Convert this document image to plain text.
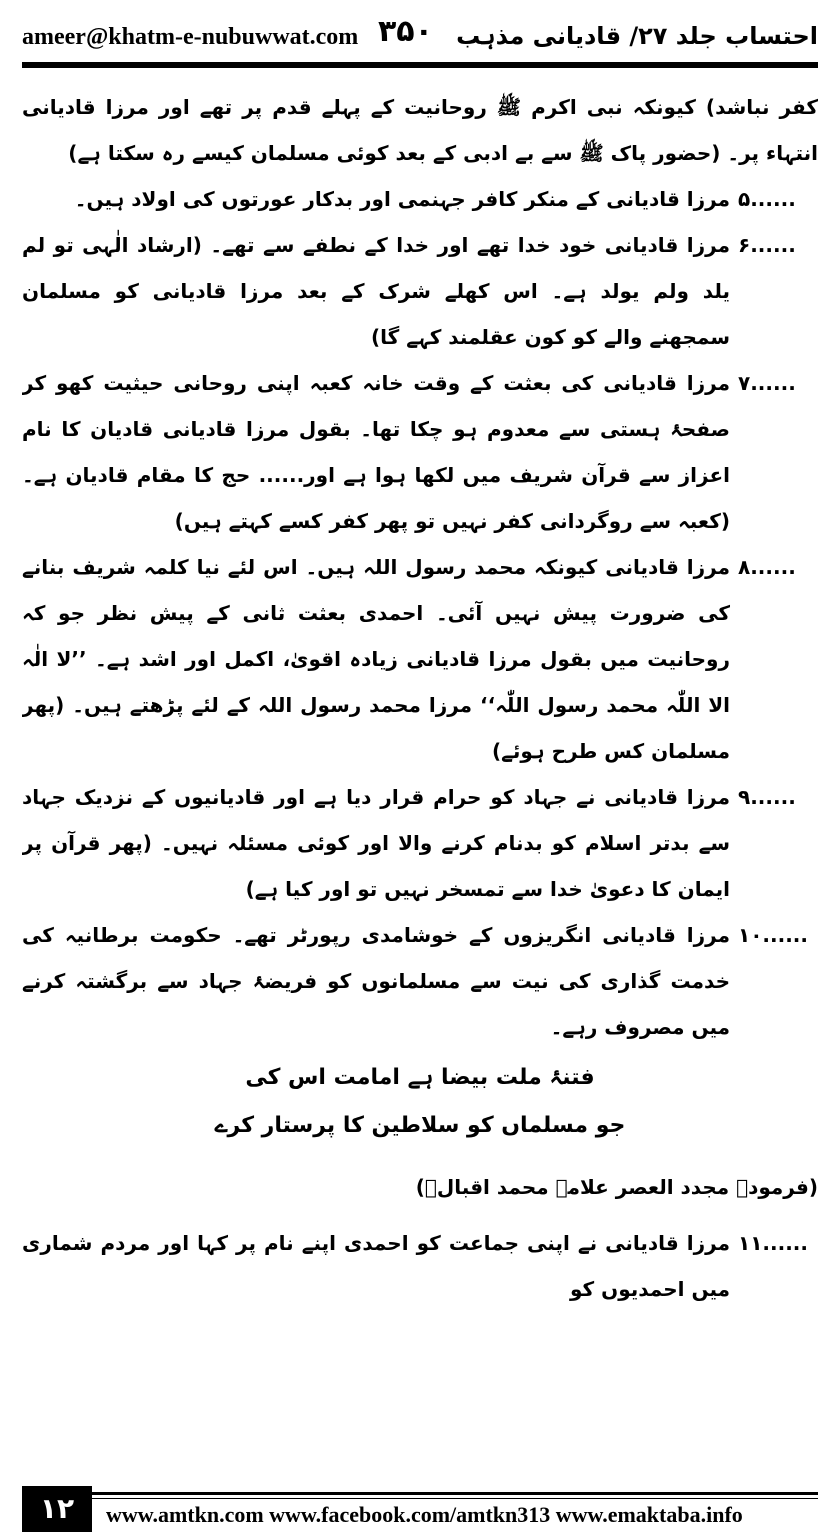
ameer@khatm-e-nubuwwat.com ۳۵۰ احتساب جلد ۲۷/ قادیانی مذہب
کفر نباشد) کیونکہ نبی اکرم ﷺ روحانیت کے پہلے قدم پر تھے اور مرزا قادیانی انتہاء پر۔ (حضور پاک ﷺ سے بے ادبی کے بعد کوئی مسلمان کیسے رہ سکتا ہے)
۵......
مرزا قادیانی کے منکر کافر جہنمی اور بدکار عورتوں کی اولاد ہیں۔
۶......
مرزا قادیانی خود خدا تھے اور خدا کے نطفے سے تھے۔ (ارشاد الٰہی تو لم یلد ولم یولد ہے۔ اس کھلے شرک کے بعد مرزا قادیانی کو مسلمان سمجھنے والے کو کون عقلمند کہے گا)
۷......
مرزا قادیانی کی بعثت کے وقت خانہ کعبہ اپنی روحانی حیثیت کھو کر صفحۂ ہستی سے معدوم ہو چکا تھا۔ بقول مرزا قادیانی قادیان کا نام اعزاز سے قرآن شریف میں لکھا ہوا ہے اور...... حج کا مقام قادیان ہے۔ (کعبہ سے روگردانی کفر نہیں تو پھر کفر کسے کہتے ہیں)
۸......
مرزا قادیانی کیونکہ محمد رسول اللہ ہیں۔ اس لئے نیا کلمہ شریف بنانے کی ضرورت پیش نہیں آئی۔ احمدی بعثت ثانی کے پیش نظر جو کہ روحانیت میں بقول مرزا قادیانی زیادہ اقویٰ، اکمل اور اشد ہے۔ ’’لا الٰہ الا اللّٰہ محمد رسول اللّٰہ‘‘ مرزا محمد رسول اللہ کے لئے پڑھتے ہیں۔ (پھر مسلمان کس طرح ہوئے)
۹......
مرزا قادیانی نے جہاد کو حرام قرار دیا ہے اور قادیانیوں کے نزدیک جہاد سے بدتر اسلام کو بدنام کرنے والا اور کوئی مسئلہ نہیں۔ (پھر قرآن پر ایمان کا دعویٰ خدا سے تمسخر نہیں تو اور کیا ہے)
۱۰......
مرزا قادیانی انگریزوں کے خوشامدی رپورٹر تھے۔ حکومت برطانیہ کی خدمت گذاری کی نیت سے مسلمانوں کو فریضۂ جہاد سے برگشتہ کرنے میں مصروف رہے۔
فتنۂ ملت بیضا ہے امامت اس کی
جو مسلماں کو سلاطین کا پرستار کرے
(فرمودۂ مجدد العصر علامہ محمد اقبالؒ)
۱۱......
مرزا قادیانی نے اپنی جماعت کو احمدی اپنے نام پر کہا اور مردم شماری میں احمدیوں کو
۱۲	www.amtkn.com www.facebook.com/amtkn313 www.emaktaba.info
